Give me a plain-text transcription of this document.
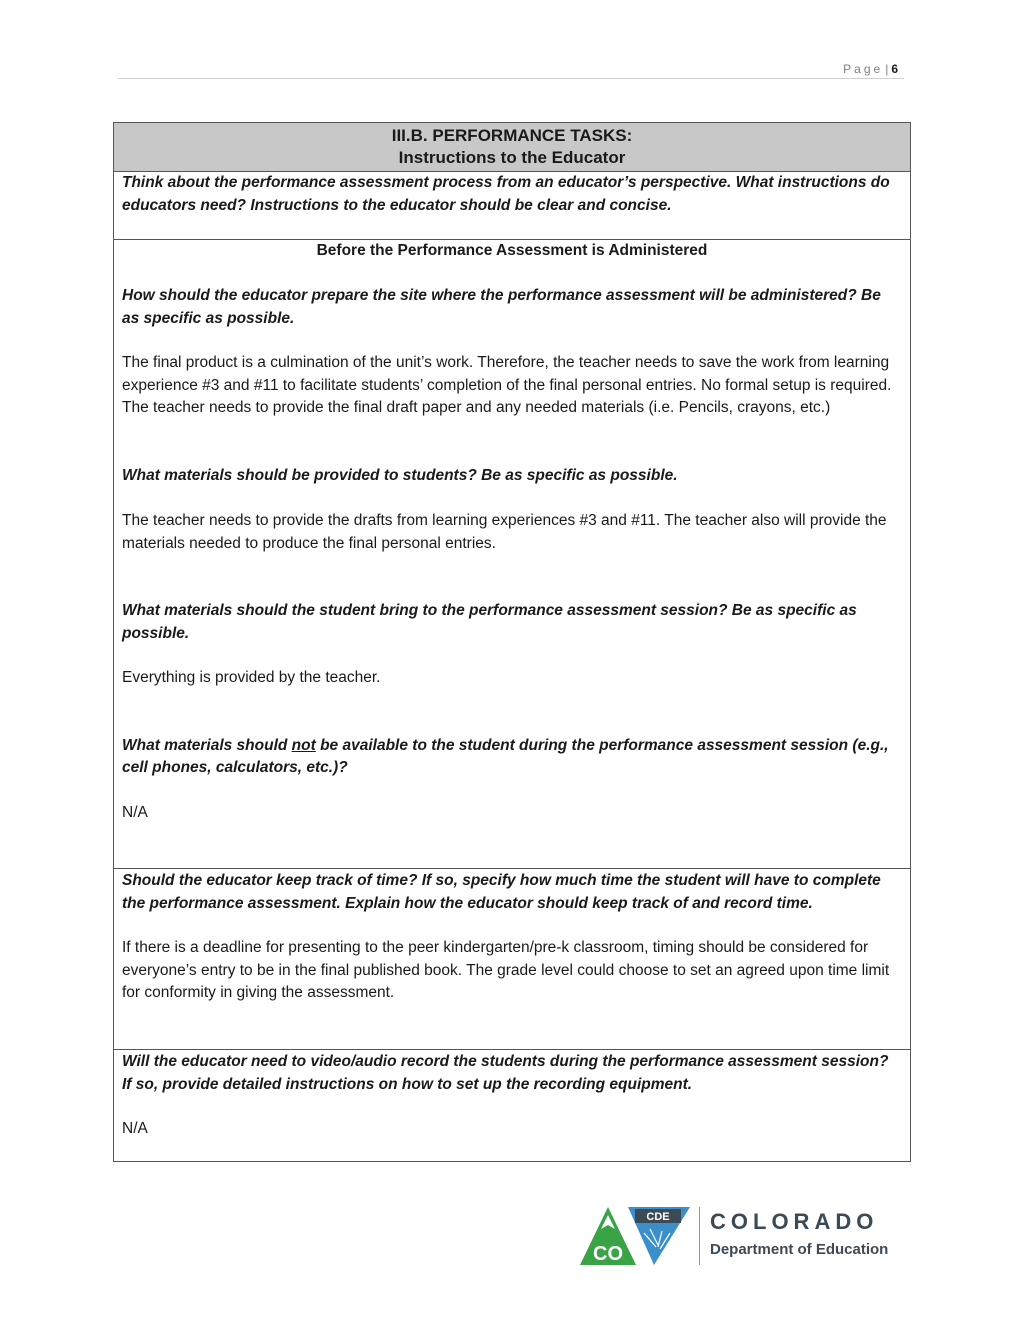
Page | 6
III.B. PERFORMANCE TASKS:
Instructions to the Educator

Think about the performance assessment process from an educator’s perspective. What instructions do educators need? Instructions to the educator should be clear and concise.

Before the Performance Assessment is Administered

How should the educator prepare the site where the performance assessment will be administered? Be as specific as possible.

The final product is a culmination of the unit’s work. Therefore, the teacher needs to save the work from learning experience #3 and #11 to facilitate students’ completion of the final personal entries. No formal setup is required. The teacher needs to provide the final draft paper and any needed materials (i.e. Pencils, crayons, etc.)

What materials should be provided to students? Be as specific as possible.

The teacher needs to provide the drafts from learning experiences #3 and #11. The teacher also will provide the materials needed to produce the final personal entries.

What materials should the student bring to the performance assessment session? Be as specific as possible.

Everything is provided by the teacher.

What materials should not be available to the student during the performance assessment session (e.g., cell phones, calculators, etc.)?

N/A

Should the educator keep track of time? If so, specify how much time the student will have to complete the performance assessment. Explain how the educator should keep track of and record time.

If there is a deadline for presenting to the peer kindergarten/pre-k classroom, timing should be considered for everyone’s entry to be in the final published book. The grade level could choose to set an agreed upon time limit for conformity in giving the assessment.

Will the educator need to video/audio record the students during the performance assessment session? If so, provide detailed instructions on how to set up the recording equipment.

N/A

CDE
CO
COLORADO
Department of Education
